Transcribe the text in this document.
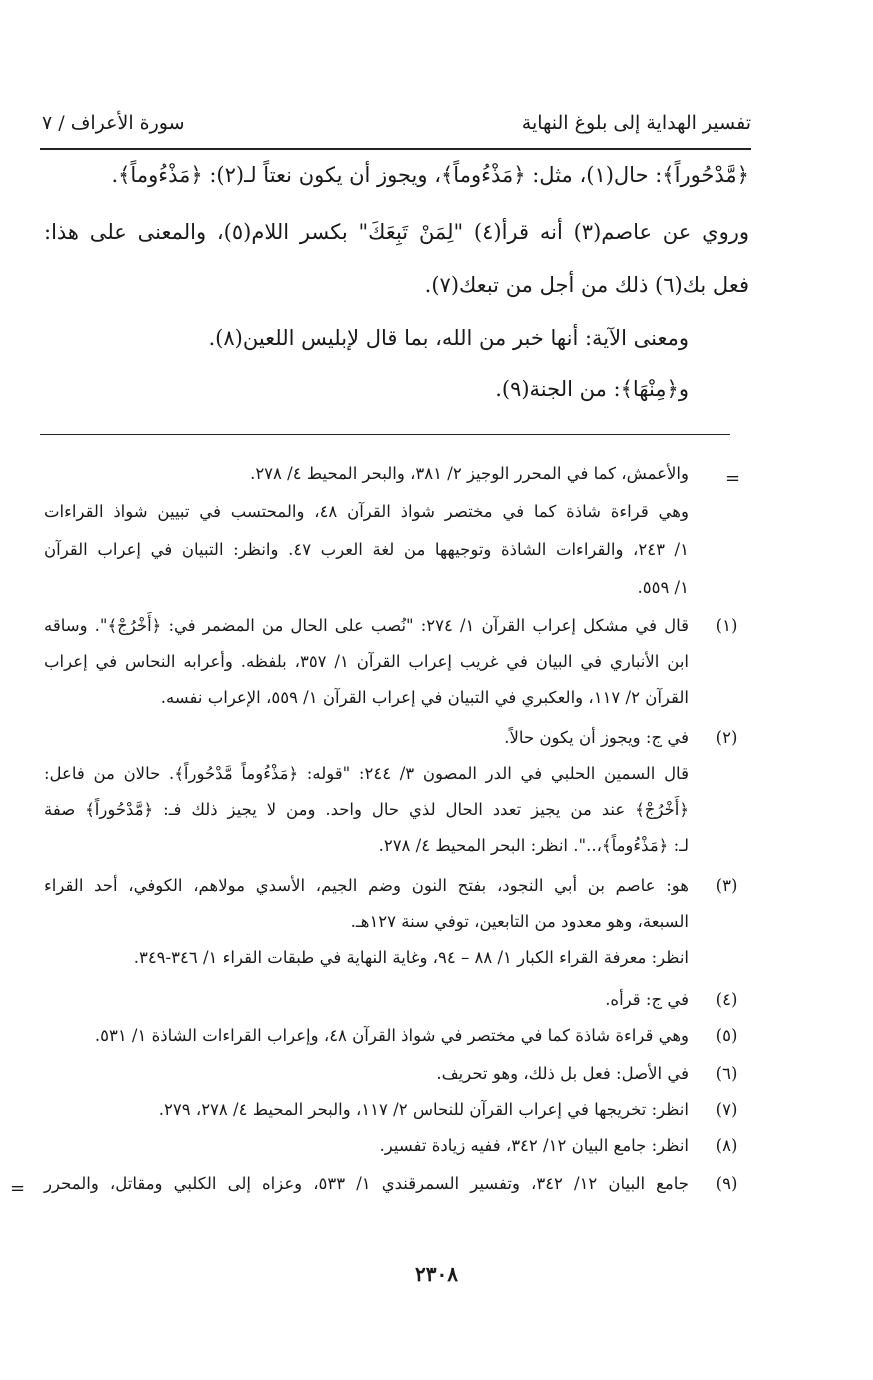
تفسير الهداية إلى بلوغ النهاية
سورة الأعراف / ٧
﴿مَّدْحُوراً﴾: حال(١)، مثل: ﴿مَذْءُوماً﴾، ويجوز أن يكون نعتاً لـ(٢): ﴿مَذْءُوماً﴾.
وروي عن عاصم(٣) أنه قرأ(٤) "لِمَنْ تَبِعَكَ" بكسر اللام(٥)، والمعنى على هذا:
فعل بك(٦) ذلك من أجل من تبعك(٧).
ومعنى الآية: أنها خبر من الله، بما قال لإبليس اللعين(٨).
و﴿مِنْهَا﴾: من الجنة(٩).
=
والأعمش، كما في المحرر الوجيز ٢/ ٣٨١، والبحر المحيط ٤/ ٢٧٨.
وهي قراءة شاذة كما في مختصر شواذ القرآن ٤٨، والمحتسب في تبيين شواذ القراءات
١/ ٢٤٣، والقراءات الشاذة وتوجيهها من لغة العرب ٤٧. وانظر: التبيان في إعراب القرآن
١/ ٥٥٩.
(١)
قال في مشكل إعراب القرآن ١/ ٢٧٤: "نُصب على الحال من المضمر في: ﴿أَخْرُجْ﴾". وساقه
ابن الأنباري في البيان في غريب إعراب القرآن ١/ ٣٥٧، بلفظه. وأعرابه النحاس في إعراب
القرآن ٢/ ١١٧، والعكبري في التبيان في إعراب القرآن ١/ ٥٥٩، الإعراب نفسه.
(٢)
في ج: ويجوز أن يكون حالاً.
قال السمين الحلبي في الدر المصون ٣/ ٢٤٤: "قوله: ﴿مَذْءُوماً مَّدْحُوراً﴾. حالان من فاعل:
﴿أَخْرُجْ﴾ عند من يجيز تعدد الحال لذي حال واحد. ومن لا يجيز ذلك فـ: ﴿مَّدْحُوراً﴾ صفة
لـ: ﴿مَذْءُوماً﴾،..". انظر: البحر المحيط ٤/ ٢٧٨.
(٣)
هو: عاصم بن أبي النجود، بفتح النون وضم الجيم، الأسدي مولاهم، الكوفي، أحد القراء
السبعة، وهو معدود من التابعين، توفي سنة ١٢٧هـ.
انظر: معرفة القراء الكبار ١/ ٨٨ – ٩٤، وغاية النهاية في طبقات القراء ١/ ٣٤٦-٣٤٩.
(٤)
في ج: قرأه.
(٥)
وهي قراءة شاذة كما في مختصر في شواذ القرآن ٤٨، وإعراب القراءات الشاذة ١/ ٥٣١.
(٦)
في الأصل: فعل بل ذلك، وهو تحريف.
(٧)
انظر: تخريجها في إعراب القرآن للنحاس ٢/ ١١٧، والبحر المحيط ٤/ ٢٧٨، ٢٧٩.
(٨)
انظر: جامع البيان ١٢/ ٣٤٢، ففيه زيادة تفسير.
(٩)
جامع البيان ١٢/ ٣٤٢، وتفسير السمرقندي ١/ ٥٣٣، وعزاه إلى الكلبي ومقاتل، والمحرر
=
٢٣٠٨
